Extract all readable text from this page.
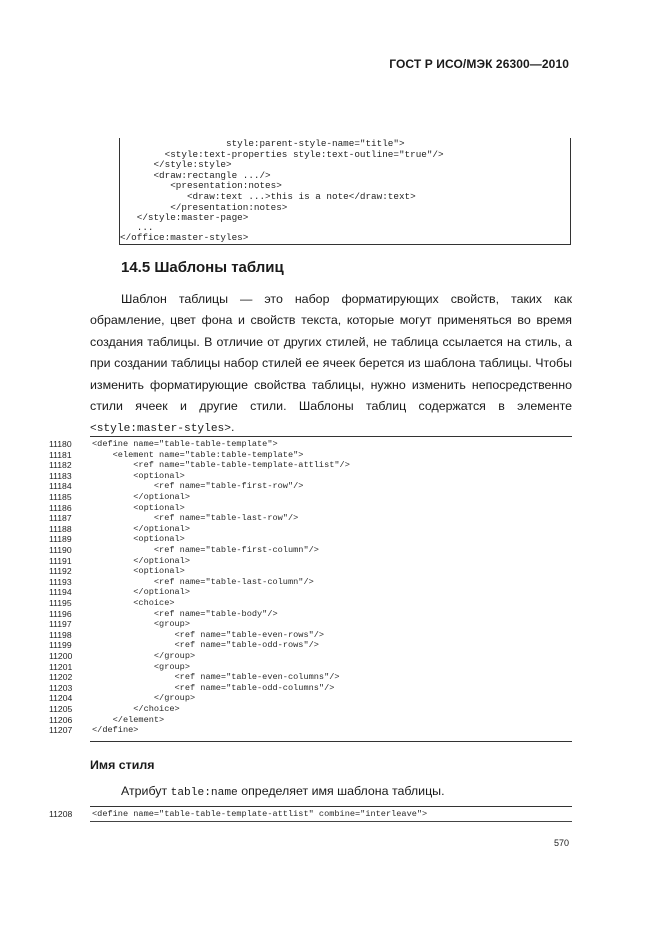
ГОСТ Р ИСО/МЭК 26300—2010
style:parent-style-name="title">
<style:text-properties style:text-outline="true"/>
</style:style>
<draw:rectangle .../>
<presentation:notes>
<draw:text ...>this is a note</draw:text>
</presentation:notes>
</style:master-page>
...
</office:master-styles>
14.5 Шаблоны таблиц
Шаблон таблицы — это набор форматирующих свойств, таких как
обрамление, цвет фона и свойств текста, которые могут применяться во время
создания таблицы. В отличие от других стилей, не таблица ссылается на стиль, а
при создании таблицы набор стилей ее ячеек берется из шаблона таблицы. Чтобы
изменить форматирующие свойства таблицы, нужно изменить непосредственно
стили ячеек и другие стили. Шаблоны таблиц содержатся в элементе
<style:master-styles>.
11180	<define name="table-table-template">
11181	<element name="table:table-template">
11182	<ref name="table-table-template-attlist"/>
11183	<optional>
11184	<ref name="table-first-row"/>
11185	</optional>
11186	<optional>
11187	<ref name="table-last-row"/>
11188	</optional>
11189	<optional>
11190	<ref name="table-first-column"/>
11191	</optional>
11192	<optional>
11193	<ref name="table-last-column"/>
11194	</optional>
11195	<choice>
11196	<ref name="table-body"/>
11197	<group>
11198	<ref name="table-even-rows"/>
11199	<ref name="table-odd-rows"/>
11200	</group>
11201	<group>
11202	<ref name="table-even-columns"/>
11203	<ref name="table-odd-columns"/>
11204	</group>
11205	</choice>
11206	</element>
11207	</define>
Имя стиля
Атрибут table:name определяет имя шаблона таблицы.
11208	<define name="table-table-template-attlist" combine="interleave">
570
